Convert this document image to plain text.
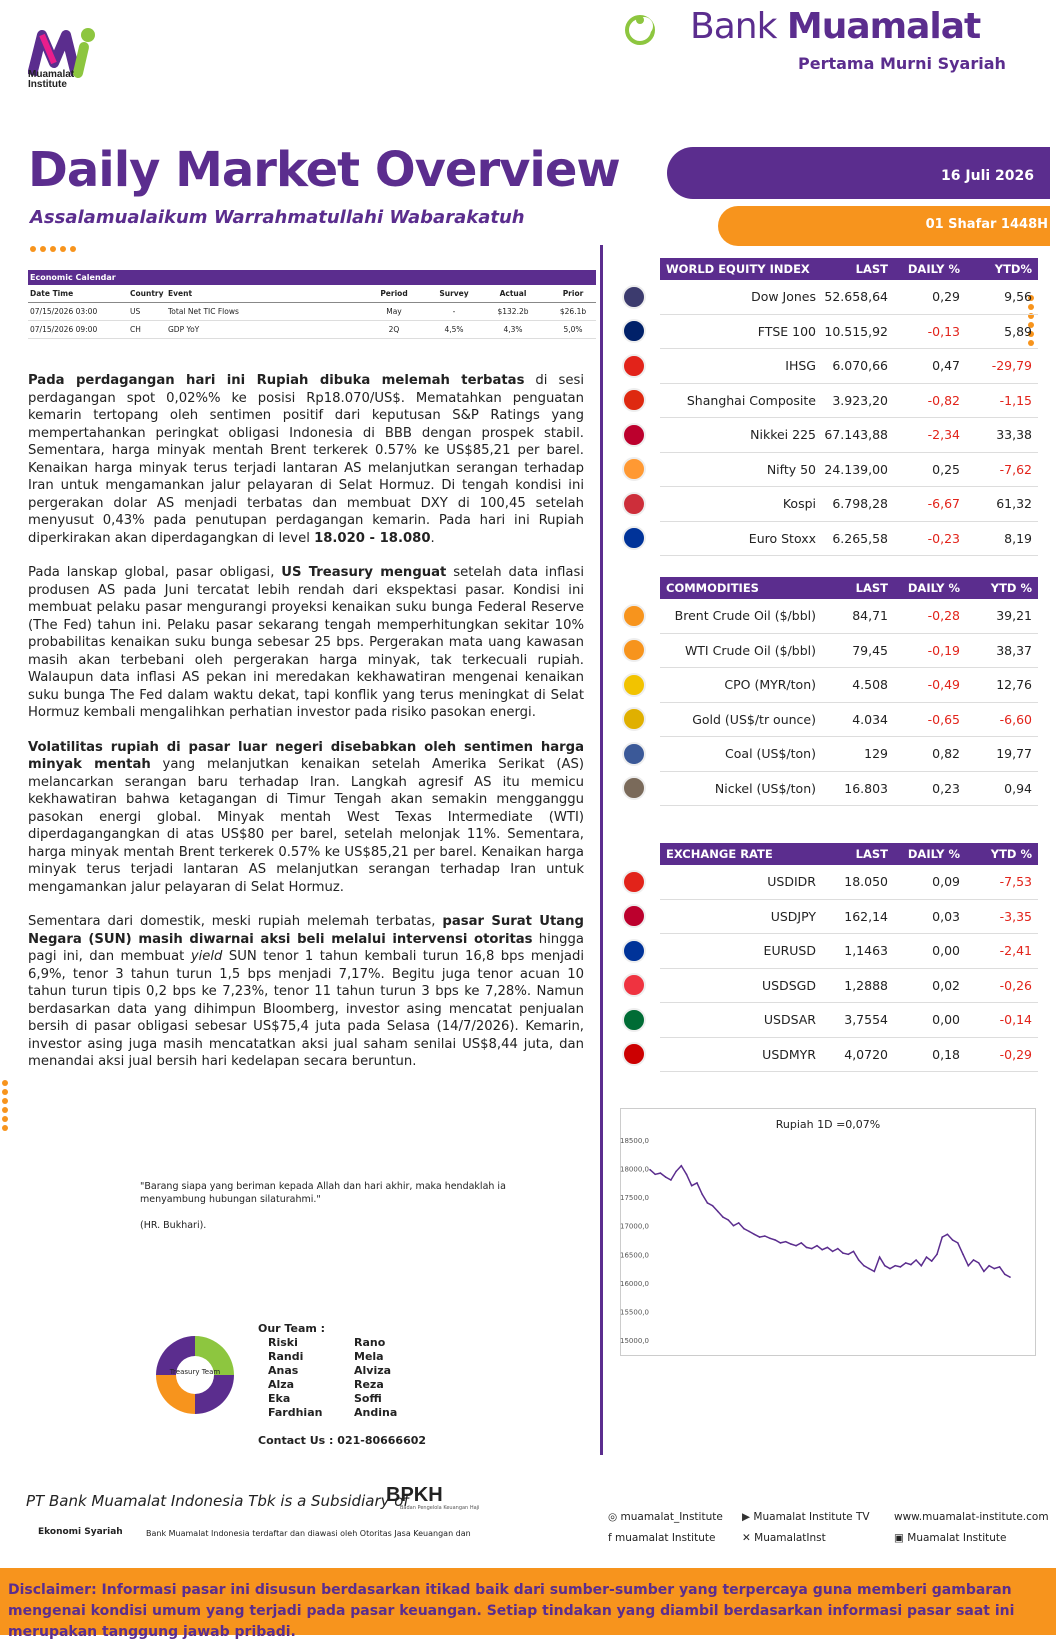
Muamalat
Institute
Bank Muamalat
Pertama Murni Syariah
Daily Market Overview
Assalamualaikum Warrahmatullahi Wabarakatuh
16 Juli 2026
01 Shafar 1448H
Economic Calendar
Date Time	Country Event	Period	Survey	Actual	Prior
07/15/2026 03:00	US	Total Net TIC Flows	May	-	$132.2b	$26.1b
07/15/2026 09:00	CH	GDP YoY	2Q	4,5%	4,3%	5,0%

Pada perdagangan hari ini Rupiah dibuka melemah terbatas di sesi perdagangan spot 0,02%% ke posisi Rp18.070/US$. Mematahkan penguatan kemarin tertopang oleh sentimen positif dari keputusan S&P Ratings yang mempertahankan peringkat obligasi Indonesia di BBB dengan prospek stabil. Sementara, harga minyak mentah Brent terkerek 0.57% ke US$85,21 per barel. Kenaikan harga minyak terus terjadi lantaran AS melanjutkan serangan terhadap Iran untuk mengamankan jalur pelayaran di Selat Hormuz. Di tengah kondisi ini pergerakan dolar AS menjadi terbatas dan membuat DXY di 100,45 setelah menyusut 0,43% pada penutupan perdagangan kemarin. Pada hari ini Rupiah diperkirakan akan diperdagangkan di level 18.020 - 18.080.

Pada lanskap global, pasar obligasi, US Treasury menguat setelah data inflasi produsen AS pada Juni tercatat lebih rendah dari ekspektasi pasar. Kondisi ini membuat pelaku pasar mengurangi proyeksi kenaikan suku bunga Federal Reserve (The Fed) tahun ini. Pelaku pasar sekarang tengah memperhitungkan sekitar 10% probabilitas kenaikan suku bunga sebesar 25 bps. Pergerakan mata uang kawasan masih akan terbebani oleh pergerakan harga minyak, tak terkecuali rupiah. Walaupun data inflasi AS pekan ini meredakan kekhawatiran mengenai kenaikan suku bunga The Fed dalam waktu dekat, tapi konflik yang terus meningkat di Selat Hormuz kembali mengalihkan perhatian investor pada risiko pasokan energi.

Volatilitas rupiah di pasar luar negeri disebabkan oleh sentimen harga minyak mentah yang melanjutkan kenaikan setelah Amerika Serikat (AS) melancarkan serangan baru terhadap Iran. Langkah agresif AS itu memicu kekhawatiran bahwa ketagangan di Timur Tengah akan semakin mengganggu pasokan energi global. Minyak mentah West Texas Intermediate (WTI) diperdagangangkan di atas US$80 per barel, setelah melonjak 11%. Sementara, harga minyak mentah Brent terkerek 0.57% ke US$85,21 per barel. Kenaikan harga minyak terus terjadi lantaran AS melanjutkan serangan terhadap Iran untuk mengamankan jalur pelayaran di Selat Hormuz.

Sementara dari domestik, meski rupiah melemah terbatas, pasar Surat Utang Negara (SUN) masih diwarnai aksi beli melalui intervensi otoritas hingga pagi ini, dan membuat yield SUN tenor 1 tahun kembali turun 16,8 bps menjadi 6,9%, tenor 3 tahun turun 1,5 bps menjadi 7,17%. Begitu juga tenor acuan 10 tahun turun tipis 0,2 bps ke 7,23%, tenor 11 tahun turun 3 bps ke 7,28%. Namun berdasarkan data yang dihimpun Bloomberg, investor asing mencatat penjualan bersih di pasar obligasi sebesar US$75,4 juta pada Selasa (14/7/2026). Kemarin, investor asing juga masih mencatatkan aksi jual saham senilai US$8,44 juta, dan menandai aksi jual bersih hari kedelapan secara beruntun.

WORLD EQUITY INDEX	LAST	DAILY %	YTD%
Dow Jones 52.658,64	0,29	9,56
FTSE 100 10.515,92	-0,13	5,89
IHSG	6.070,66	0,47	-29,79
Shanghai Composite	3.923,20	-0,82	-1,15
Nikkei 225 67.143,88	-2,34	33,38
Nifty 50 24.139,00	0,25	-7,62
Kospi	6.798,28	-6,67	61,32
Euro Stoxx	6.265,58	-0,23	8,19
COMMODITIES	LAST	DAILY %	YTD %
Brent Crude Oil ($/bbl)	84,71	-0,28	39,21
WTI Crude Oil ($/bbl)	79,45	-0,19	38,37
CPO (MYR/ton)	4.508	-0,49	12,76
Gold (US$/tr ounce)	4.034	-0,65	-6,60
Coal (US$/ton)	129	0,82	19,77
Nickel (US$/ton)	16.803	0,23	0,94
EXCHANGE RATE	LAST	DAILY %	YTD %
USDIDR	18.050	0,09	-7,53
USDJPY	162,14	0,03	-3,35
EURUSD	1,1463	0,00	-2,41
USDSGD	1,2888	0,02	-0,26
USDSAR	3,7554	0,00	-0,14
USDMYR	4,0720	0,18	-0,29
Rupiah 1D =0,07%
18500,0
18000,0
17500,0
17000,0
16500,0
16000,0
15500,0
15000,0
"Barang siapa yang beriman kepada Allah dan hari akhir, maka hendaklah ia menyambung hubungan silaturahmi."
(HR. Bukhari).
Treasury Team
Our Team :
Riski
Randi
Anas
Alza
Eka
Fardhian
Rano
Mela
Alviza
Reza
Soffi
Andina
Contact Us : 021-80666602
PT Bank Muamalat Indonesia Tbk is a Subsidiary of
BPKH
Badan Pengelola Keuangan Haji
Ekonomi Syariah	Bank Muamalat Indonesia terdaftar dan diawasi oleh Otoritas Jasa Keuangan dan
◎ muamalat_Institute ▶ Muamalat Institute TV www.muamalat-institute.com
f muamalat Institute	✕ MuamalatInst	▣ Muamalat Institute
Disclaimer: Informasi pasar ini disusun berdasarkan itikad baik dari sumber-sumber yang terpercaya guna memberi gambaran mengenai kondisi umum yang terjadi pada pasar keuangan. Setiap tindakan yang diambil berdasarkan informasi pasar saat ini merupakan tanggung jawab pribadi.
